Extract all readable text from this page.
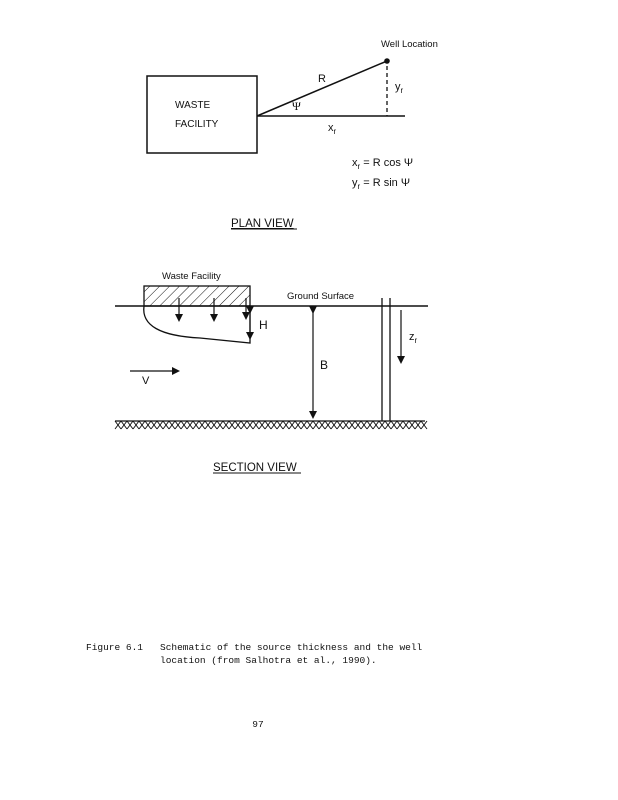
WASTE
FACILITY
Well Location
R
Ψ
$y_r$
$x_r$
$x_r = R$ cos Ψ
$y_r = R$ sin Ψ
PLAN VIEW
Waste Facility
Ground Surface
H
B
$z_r$
V
SECTION VIEW
Figure 6.1 Schematic of the source thickness and the well

location (from Salhotra et al., 1990).
97
